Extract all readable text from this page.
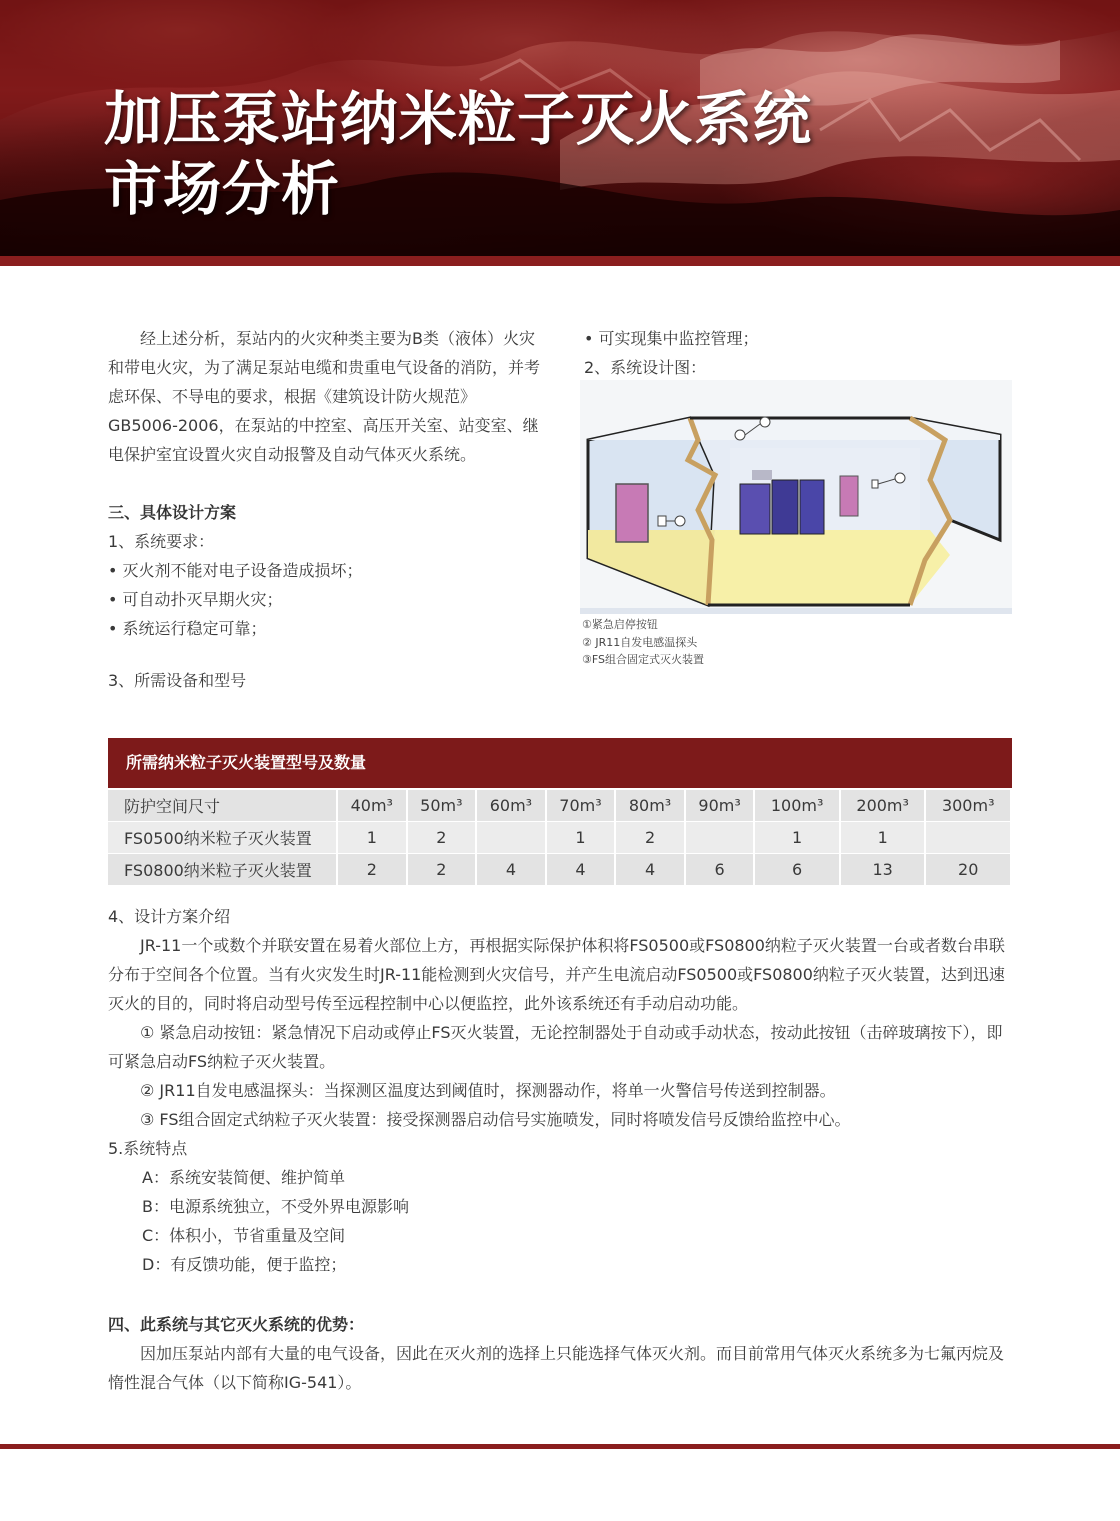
加压泵站纳米粒子灭火系统
市场分析

经上述分析，泵站内的火灾种类主要为B类（液体）火灾和带电火灾，为了满足泵站电缆和贵重电气设备的消防，并考虑环保、不导电的要求，根据《建筑设计防火规范》GB5006-2006，在泵站的中控室、高压开关室、站变室、继电保护室宜设置火灾自动报警及自动气体灭火系统。

三、具体设计方案
1、系统要求：
• 灭火剂不能对电子设备造成损坏；
• 可自动扑灭早期火灾；
• 系统运行稳定可靠；
3、所需设备和型号
• 可实现集中监控管理；
2、系统设计图：
①紧急启停按钮
② JR11自发电感温探头
③FS组合固定式灭火装置
所需纳米粒子灭火装置型号及数量
防护空间尺寸	40m³	50m³	60m³	70m³	80m³	90m³	100m³	200m³	300m³
FS0500纳米粒子灭火装置	1	2		1	2		1	1	
FS0800纳米粒子灭火装置	2	2	4	4	4	6	6	13	20

4、设计方案介绍

JR-11一个或数个并联安置在易着火部位上方，再根据实际保护体积将FS0500或FS0800纳粒子灭火装置一台或者数台串联分布于空间各个位置。当有火灾发生时JR-11能检测到火灾信号，并产生电流启动FS0500或FS0800纳粒子灭火装置，达到迅速灭火的目的，同时将启动型号传至远程控制中心以便监控，此外该系统还有手动启动功能。

① 紧急启动按钮：紧急情况下启动或停止FS灭火装置，无论控制器处于自动或手动状态，按动此按钮（击碎玻璃按下），即可紧急启动FS纳粒子灭火装置。

② JR11自发电感温探头：当探测区温度达到阈值时，探测器动作，将单一火警信号传送到控制器。

③ FS组合固定式纳粒子灭火装置：接受探测器启动信号实施喷发，同时将喷发信号反馈给监控中心。

5.系统特点

A：系统安装简便、维护简单

B：电源系统独立，不受外界电源影响

C：体积小，节省重量及空间

D：有反馈功能，便于监控；

四、此系统与其它灭火系统的优势：

因加压泵站内部有大量的电气设备，因此在灭火剂的选择上只能选择气体灭火剂。而目前常用气体灭火系统多为七氟丙烷及惰性混合气体（以下简称IG-541）。
